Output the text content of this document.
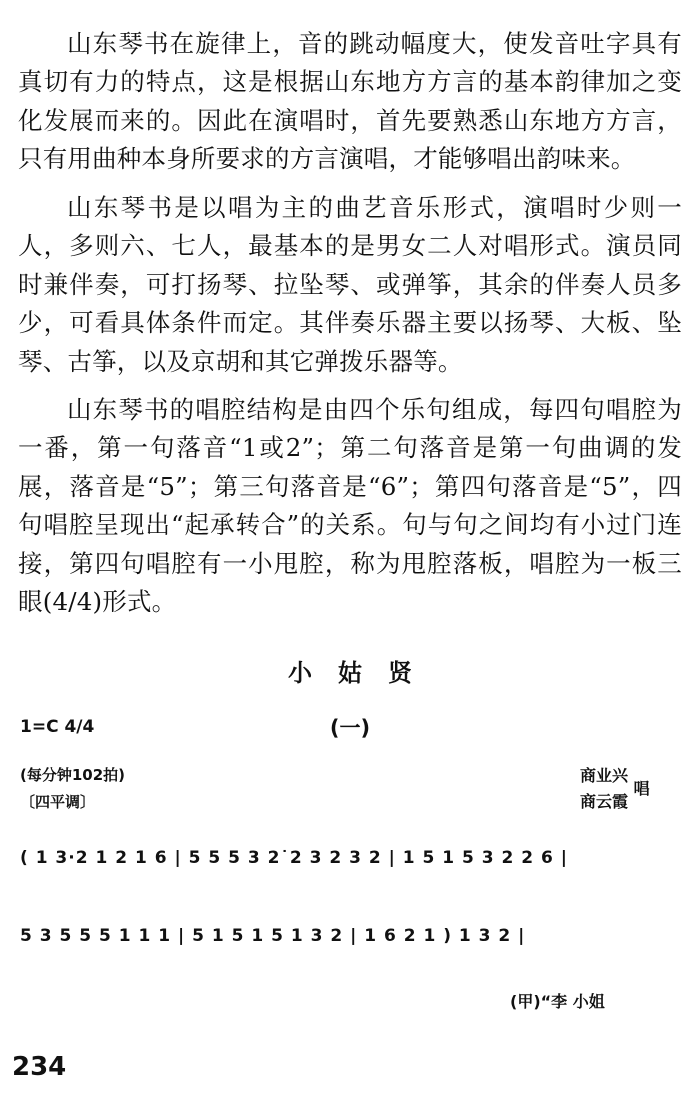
山东琴书在旋律上，音的跳动幅度大，使发音吐字具有真切有力的特点，这是根据山东地方方言的基本韵律加之变化发展而来的。因此在演唱时，首先要熟悉山东地方方言，只有用曲种本身所要求的方言演唱，才能够唱出韵味来。

山东琴书是以唱为主的曲艺音乐形式，演唱时少则一人，多则六、七人，最基本的是男女二人对唱形式。演员同时兼伴奏，可打扬琴、拉坠琴、或弹筝，其余的伴奏人员多少，可看具体条件而定。其伴奏乐器主要以扬琴、大板、坠琴、古筝，以及京胡和其它弹拨乐器等。

山东琴书的唱腔结构是由四个乐句组成，每四句唱腔为一番，第一句落音“1或2”；第二句落音是第一句曲调的发展，落音是“5”；第三句落音是“6”；第四句落音是“5”，四句唱腔呈现出“起承转合”的关系。句与句之间均有小过门连接，第四句唱腔有一小甩腔，称为甩腔落板，唱腔为一板三眼(4/4)形式。

小姑贤
(一)
1=C 4/4
(每分钟102拍)
〔四平调〕
商业兴
商云霞
唱
( 1 3·2 1 2 1 6 | 5 5 5 3 2˙2 3 2 3 2 | 1 5 1 5 3 2 2 6 |
5 3 5 5 5 1 1 1 | 5 1 5 1 5 1 3 2 | 1 6 2 1 ) 1 3 2 |
(甲)“李 小姐
234
